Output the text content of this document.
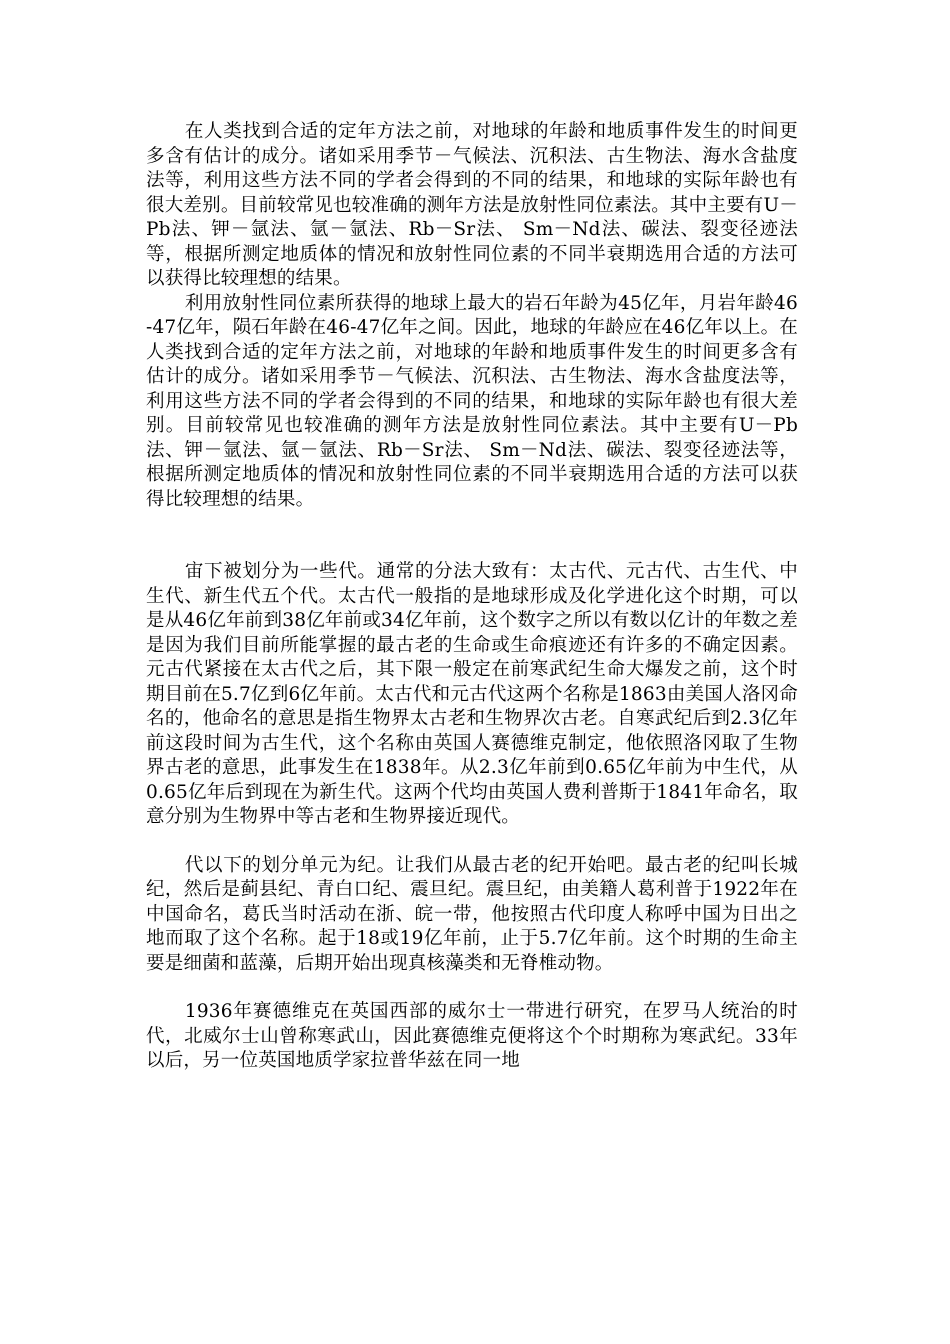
在人类找到合适的定年方法之前，对地球的年龄和地质事件发生的时间更多含有估计的成分。诸如采用季节－气候法、沉积法、古生物法、海水含盐度法等，利用这些方法不同的学者会得到的不同的结果，和地球的实际年龄也有很大差别。目前较常见也较准确的测年方法是放射性同位素法。其中主要有U－Pb法、钾－氩法、氩－氩法、Rb－Sr法、 Sm－Nd法、碳法、裂变径迹法等，根据所测定地质体的情况和放射性同位素的不同半衰期选用合适的方法可以获得比较理想的结果。

利用放射性同位素所获得的地球上最大的岩石年龄为45亿年，月岩年龄46-47亿年，陨石年龄在46-47亿年之间。因此，地球的年龄应在46亿年以上。在人类找到合适的定年方法之前，对地球的年龄和地质事件发生的时间更多含有估计的成分。诸如采用季节－气候法、沉积法、古生物法、海水含盐度法等，利用这些方法不同的学者会得到的不同的结果，和地球的实际年龄也有很大差别。目前较常见也较准确的测年方法是放射性同位素法。其中主要有U－Pb法、钾－氩法、氩－氩法、Rb－Sr法、 Sm－Nd法、碳法、裂变径迹法等，根据所测定地质体的情况和放射性同位素的不同半衰期选用合适的方法可以获得比较理想的结果。

宙下被划分为一些代。通常的分法大致有：太古代、元古代、古生代、中生代、新生代五个代。太古代一般指的是地球形成及化学进化这个时期，可以是从46亿年前到38亿年前或34亿年前，这个数字之所以有数以亿计的年数之差是因为我们目前所能掌握的最古老的生命或生命痕迹还有许多的不确定因素。元古代紧接在太古代之后，其下限一般定在前寒武纪生命大爆发之前，这个时期目前在5.7亿到6亿年前。太古代和元古代这两个名称是1863由美国人洛冈命名的，他命名的意思是指生物界太古老和生物界次古老。自寒武纪后到2.3亿年前这段时间为古生代，这个名称由英国人赛德维克制定，他依照洛冈取了生物界古老的意思，此事发生在1838年。从2.3亿年前到0.65亿年前为中生代，从0.65亿年后到现在为新生代。这两个代均由英国人费利普斯于1841年命名，取意分别为生物界中等古老和生物界接近现代。

代以下的划分单元为纪。让我们从最古老的纪开始吧。最古老的纪叫长城纪，然后是蓟县纪、青白口纪、震旦纪。震旦纪，由美籍人葛利普于1922年在中国命名，葛氏当时活动在浙、皖一带，他按照古代印度人称呼中国为日出之地而取了这个名称。起于18或19亿年前，止于5.7亿年前。这个时期的生命主要是细菌和蓝藻，后期开始出现真核藻类和无脊椎动物。

1936年赛德维克在英国西部的威尔士一带进行研究，在罗马人统治的时代，北威尔士山曾称寒武山，因此赛德维克便将这个个时期称为寒武纪。33年以后，另一位英国地质学家拉普华兹在同一地
